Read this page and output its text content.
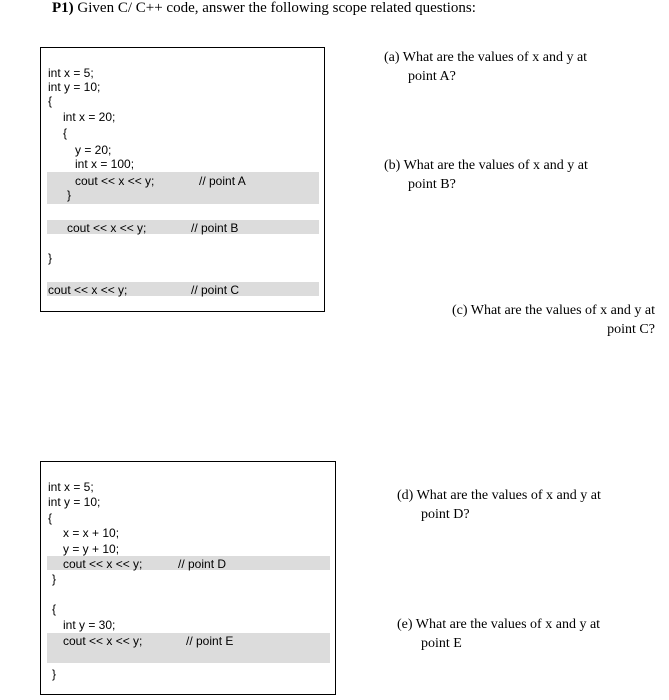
P1) Given C/ C++ code, answer the following scope related questions:
int x = 5;
int y = 10;
{
int x = 20;
{
y = 20;
int x = 100;
cout << x << y;
}
cout << x << y;
}
cout << x << y;
// point A
// point B
// point C
int x = 5;
int y = 10;
{
x = x + 10;
y = y + 10;
cout << x << y;
}
{
int y = 30;
cout << x << y;
}
// point D
// point E
(a) What are the values of x and y at
point A?
(b) What are the values of x and y at
point B?
(c) What are the values of x and y at
point C?
(d) What are the values of x and y at
point D?
(e) What are the values of x and y at
point E
